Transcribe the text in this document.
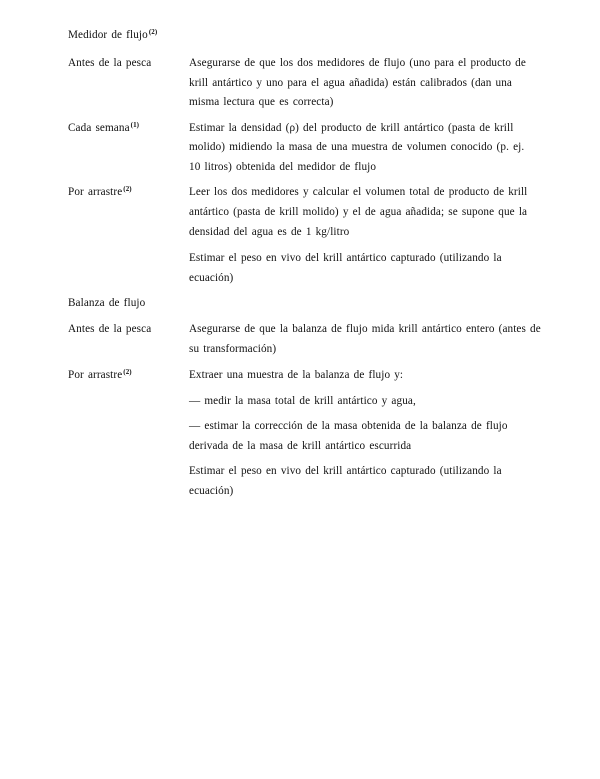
Medidor de flujo$^{(2)}$
Antes de la pesca	Asegurarse de que los dos medidores de flujo (uno para el producto de
krill antártico y uno para el agua añadida) están calibrados (dan una
misma lectura que es correcta)
Cada semana$^{(1)}$	Estimar la densidad (ρ) del producto de krill antártico (pasta de krill
molido) midiendo la masa de una muestra de volumen conocido (p. ej.
10 litros) obtenida del medidor de flujo
Por arrastre$^{(2)}$	Leer los dos medidores y calcular el volumen total de producto de krill
antártico (pasta de krill molido) y el de agua añadida; se supone que la
densidad del agua es de 1 kg/litro
Estimar el peso en vivo del krill antártico capturado (utilizando la
ecuación)
Balanza de flujo
Antes de la pesca	Asegurarse de que la balanza de flujo mida krill antártico entero (antes de
su transformación)
Por arrastre$^{(2)}$	Extraer una muestra de la balanza de flujo y:
— medir la masa total de krill antártico y agua,
— estimar la corrección de la masa obtenida de la balanza de flujo
derivada de la masa de krill antártico escurrida
Estimar el peso en vivo del krill antártico capturado (utilizando la
ecuación)
